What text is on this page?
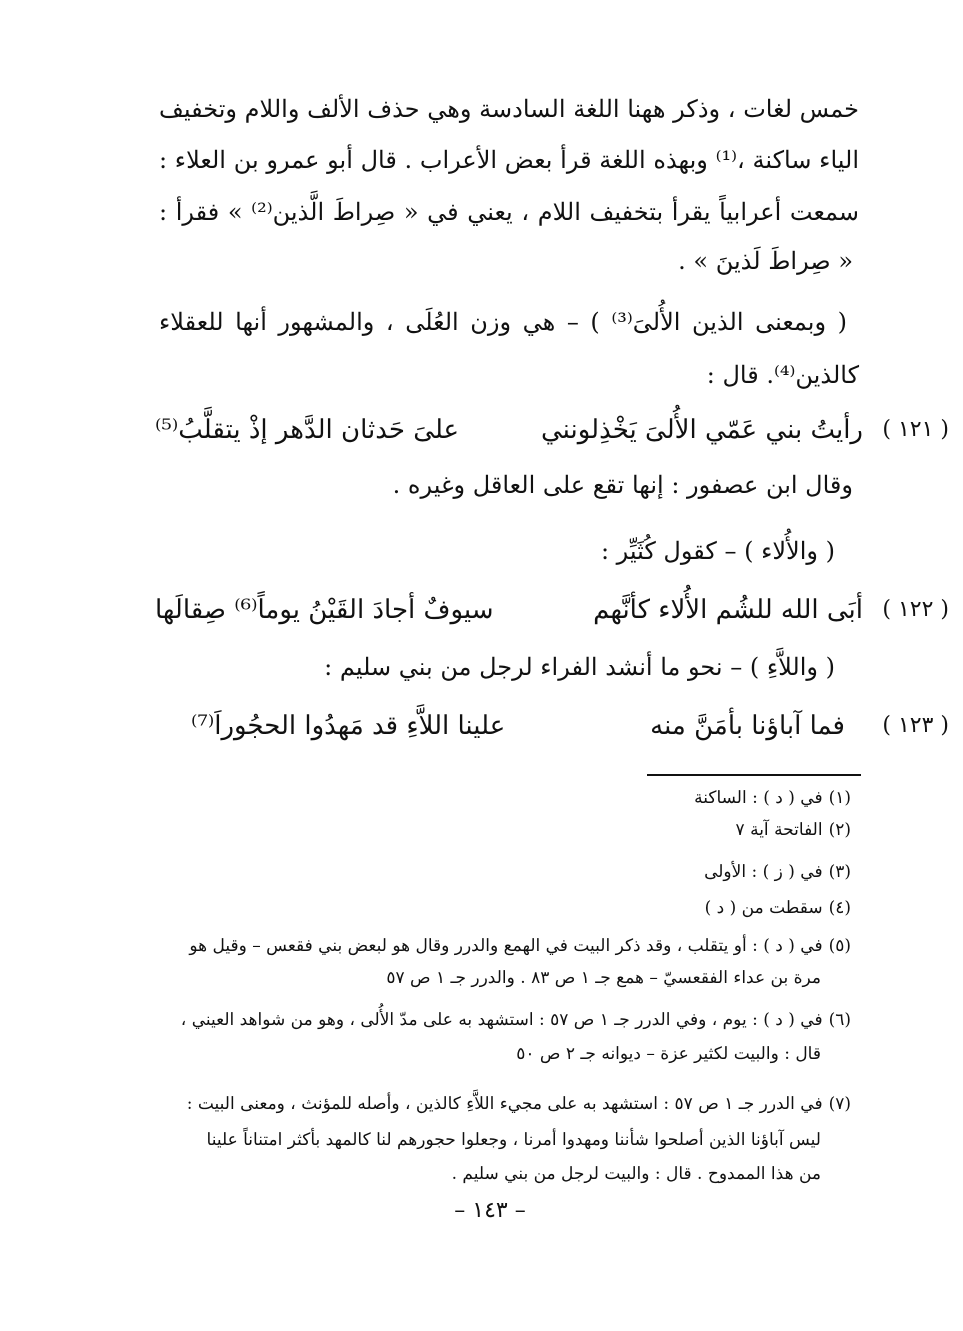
خمس لغات ، وذكر ههنا اللغة السادسة وهي حذف الألف واللام وتخفيف
الياء ساكنة ،⁽¹⁾ وبهذه اللغة قرأ بعض الأعراب . قال أبو عمرو بن العلاء :
سمعت أعرابياً يقرأ بتخفيف اللام ، يعني في « صِراطَ الَّذين⁽²⁾ » فقرأ :
« صِراطَ لَذينَ » .
( وبمعنى الذين الأُلىَ⁽³⁾ ) – هي وزن العُلَى ، والمشهور أنها للعقلاء
كالذين⁽⁴⁾. قال :
( ١٢١ )
رأيتُ بني عَمّي الأُلىَ يَخْذِلونني
علىَ حَدثان الدَّهر إذْ يتقلَّبُ⁽⁵⁾
وقال ابن عصفور : إنها تقع على العاقل وغيره .
( والأُلاء ) – كقول كُثَيِّر :
( ١٢٢ )
أبَى الله للشُم الأُلاء كأنَّهم
سيوفٌ أجادَ القَيْنُ يوماً⁽⁶⁾ صِقالَها
( واللاَّءِ ) – نحو ما أنشد الفراء لرجل من بني سليم :
( ١٢٣ )
فما آباؤنا بأمَنَّ منه
علينا اللاَّءِ قد مَهدُوا الحجُوراَ⁽⁷⁾
(١)في ( د ) : الساكنة
(٢)الفاتحة آية ٧
(٣)في ( ز ) : الأولى
(٤)سقطت من ( د )
(٥)في ( د ) : أو يتقلب ، وقد ذكر البيت في الهمع والدرر وقال هو لبعض بني فقعس – وقيل هو
مرة بن عداء الفقعسيّ – همع جـ ١ ص ٨٣ . والدرر جـ ١ ص ٥٧
(٦)في ( د ) : يوم ، وفي الدرر جـ ١ ص ٥٧ : استشهد به على مدّ الأُلى ، وهو من شواهد العيني ،
قال : والبيت لكثير عزة – ديوانه جـ ٢ ص ٥٠
(٧)في الدرر جـ ١ ص ٥٧ : استشهد به على مجيء اللاَّءِ كالذين ، وأصله للمؤنث ، ومعنى البيت :
ليس آباؤنا الذين أصلحوا شأننا ومهدوا أمرنا ، وجعلوا حجورهم لنا كالمهد بأكثر امتناناً علينا
من هذا الممدوح . قال : والبيت لرجل من بني سليم .
– ١٤٣ –
